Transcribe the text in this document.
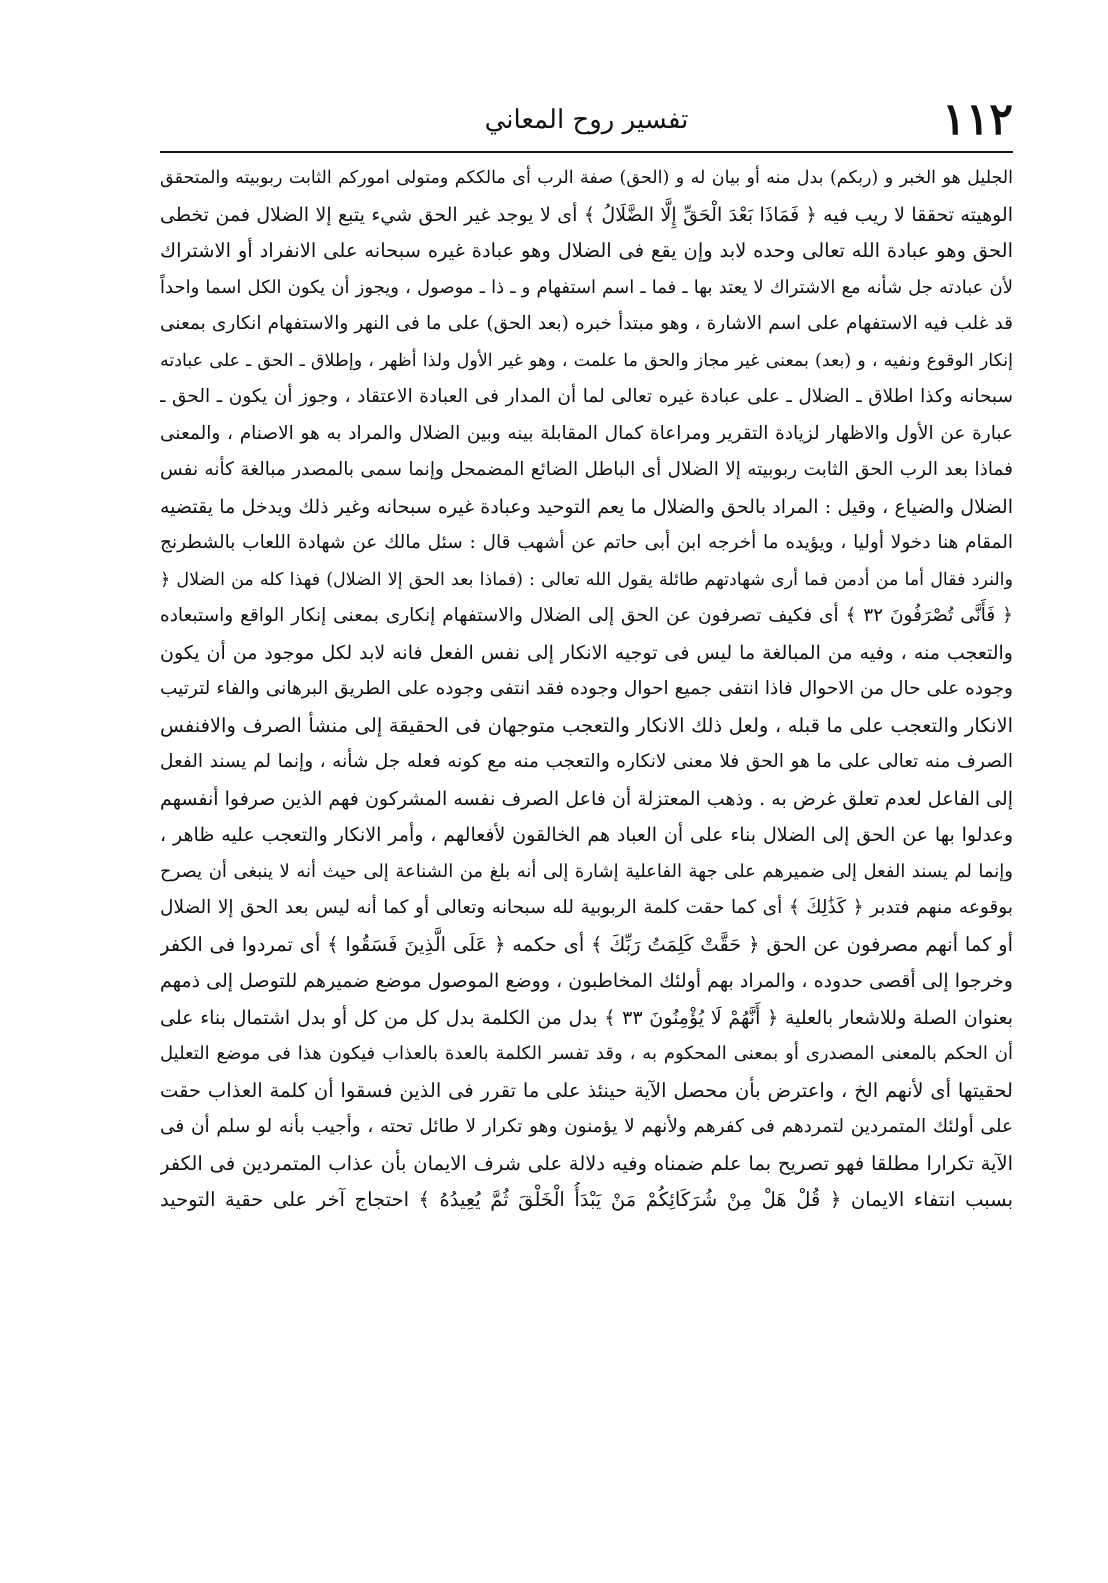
١١٢
تفسير روح المعاني
الجليل هو الخبر و (ربكم) بدل منه أو بيان له و (الحق) صفة الرب أى مالككم ومتولى اموركم الثابت ربوبيته والمتحقق
الوهيته تحققا لا ريب فيه ﴿ فَمَاذَا بَعْدَ الْحَقِّ إِلَّا الضَّلَالُ ﴾ أى لا يوجد غير الحق شيء يتبع إلا الضلال فمن تخطى
الحق وهو عبادة الله تعالى وحده لابد وإن يقع فى الضلال وهو عبادة غيره سبحانه على الانفراد أو الاشتراك
لأن عبادته جل شأنه مع الاشتراك لا يعتد بها ـ فما ـ اسم استفهام و ـ ذا ـ موصول ، ويجوز أن يكون الكل اسما واحداً
قد غلب فيه الاستفهام على اسم الاشارة ، وهو مبتدأ خبره (بعد الحق) على ما فى النهر والاستفهام انكارى بمعنى
إنكار الوقوع ونفيه ، و (بعد) بمعنى غير مجاز والحق ما علمت ، وهو غير الأول ولذا أظهر ، وإطلاق ـ الحق ـ على عبادته
سبحانه وكذا اطلاق ـ الضلال ـ على عبادة غيره تعالى لما أن المدار فى العبادة الاعتقاد ، وجوز أن يكون ـ الحق ـ
عبارة عن الأول والاظهار لزيادة التقرير ومراعاة كمال المقابلة بينه وبين الضلال والمراد به هو الاصنام ، والمعنى
فماذا بعد الرب الحق الثابت ربوبيته إلا الضلال أى الباطل الضائع المضمحل وإنما سمى بالمصدر مبالغة كأنه نفس
الضلال والضياع ، وقيل : المراد بالحق والضلال ما يعم التوحيد وعبادة غيره سبحانه وغير ذلك ويدخل ما يقتضيه
المقام هنا دخولا أوليا ، ويؤيده ما أخرجه ابن أبى حاتم عن أشهب قال : سئل مالك عن شهادة اللعاب بالشطرنج
والنرد فقال أما من أدمن فما أرى شهادتهم طائلة يقول الله تعالى : (فماذا بعد الحق إلا الضلال) فهذا كله من الضلال ﴿
﴿ فَأَنَّى تُصْرَفُونَ ٣٢ ﴾ أى فكيف تصرفون عن الحق إلى الضلال والاستفهام إنكارى بمعنى إنكار الواقع واستبعاده
والتعجب منه ، وفيه من المبالغة ما ليس فى توجيه الانكار إلى نفس الفعل فانه لابد لكل موجود من أن يكون
وجوده على حال من الاحوال فاذا انتفى جميع احوال وجوده فقد انتفى وجوده على الطريق البرهانى والفاء لترتيب
الانكار والتعجب على ما قبله ، ولعل ذلك الانكار والتعجب متوجهان فى الحقيقة إلى منشأ الصرف والافنفس
الصرف منه تعالى على ما هو الحق فلا معنى لانكاره والتعجب منه مع كونه فعله جل شأنه ، وإنما لم يسند الفعل
إلى الفاعل لعدم تعلق غرض به . وذهب المعتزلة أن فاعل الصرف نفسه المشركون فهم الذين صرفوا أنفسهم
وعدلوا بها عن الحق إلى الضلال بناء على أن العباد هم الخالقون لأفعالهم ، وأمر الانكار والتعجب عليه ظاهر ،
وإنما لم يسند الفعل إلى ضميرهم على جهة الفاعلية إشارة إلى أنه بلغ من الشناعة إلى حيث أنه لا ينبغى أن يصرح
بوقوعه منهم فتدبر ﴿ كَذَٰلِكَ ﴾ أى كما حقت كلمة الربوبية لله سبحانه وتعالى أو كما أنه ليس بعد الحق إلا الضلال
أو كما أنهم مصرفون عن الحق ﴿ حَقَّتْ كَلِمَتُ رَبِّكَ ﴾ أى حكمه ﴿ عَلَى الَّذِينَ فَسَقُوا ﴾ أى تمردوا فى الكفر
وخرجوا إلى أقصى حدوده ، والمراد بهم أولئك المخاطبون ، ووضع الموصول موضع ضميرهم للتوصل إلى ذمهم
بعنوان الصلة وللاشعار بالعلية ﴿ أَنَّهُمْ لَا يُؤْمِنُونَ ٣٣ ﴾ بدل من الكلمة بدل كل من كل أو بدل اشتمال بناء على
أن الحكم بالمعنى المصدرى أو بمعنى المحكوم به ، وقد تفسر الكلمة بالعدة بالعذاب فيكون هذا فى موضع التعليل
لحقيتها أى لأنهم الخ ، واعترض بأن محصل الآية حينئذ على ما تقرر فى الذين فسقوا أن كلمة العذاب حقت
على أولئك المتمردين لتمردهم فى كفرهم ولأنهم لا يؤمنون وهو تكرار لا طائل تحته ، وأجيب بأنه لو سلم أن فى
الآية تكرارا مطلقا فهو تصريح بما علم ضمناه وفيه دلالة على شرف الايمان بأن عذاب المتمردين فى الكفر
بسبب انتفاء الايمان ﴿ قُلْ هَلْ مِنْ شُرَكَائِكُمْ مَنْ يَبْدَأُ الْخَلْقَ ثُمَّ يُعِيدُهُ ﴾ احتجاج آخر على حقية التوحيد
